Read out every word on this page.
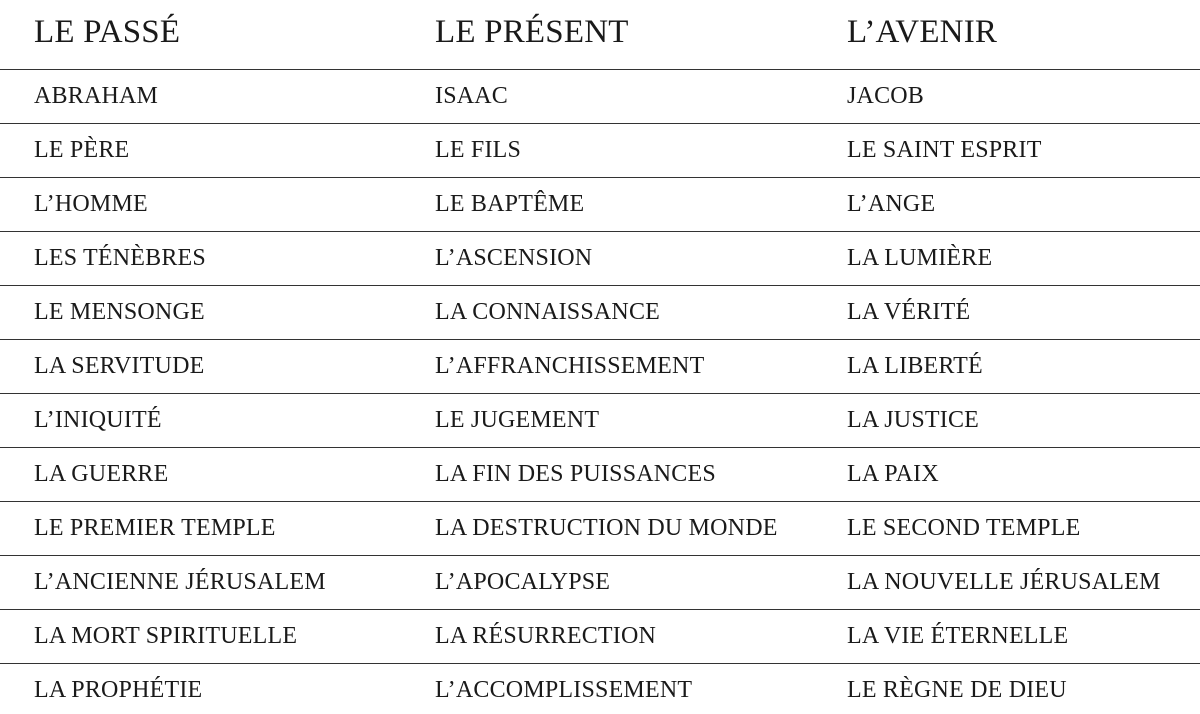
LE PASSÉ	LE PRÉSENT	L’AVENIR
ABRAHAM	ISAAC	JACOB
LE PÈRE	LE FILS	LE SAINT ESPRIT
L’HOMME	LE BAPTÊME	L’ANGE
LES TÉNÈBRES	L’ASCENSION	LA LUMIÈRE
LE MENSONGE	LA CONNAISSANCE	LA VÉRITÉ
LA SERVITUDE	L’AFFRANCHISSEMENT	LA LIBERTÉ
L’INIQUITÉ	LE JUGEMENT	LA JUSTICE
LA GUERRE	LA FIN DES PUISSANCES	LA PAIX
LE PREMIER TEMPLE	LA DESTRUCTION DU MONDE	LE SECOND TEMPLE
L’ANCIENNE JÉRUSALEM	L’APOCALYPSE	LA NOUVELLE JÉRUSALEM
LA MORT SPIRITUELLE	LA RÉSURRECTION	LA VIE ÉTERNELLE
LA PROPHÉTIE	L’ACCOMPLISSEMENT	LE RÈGNE DE DIEU
